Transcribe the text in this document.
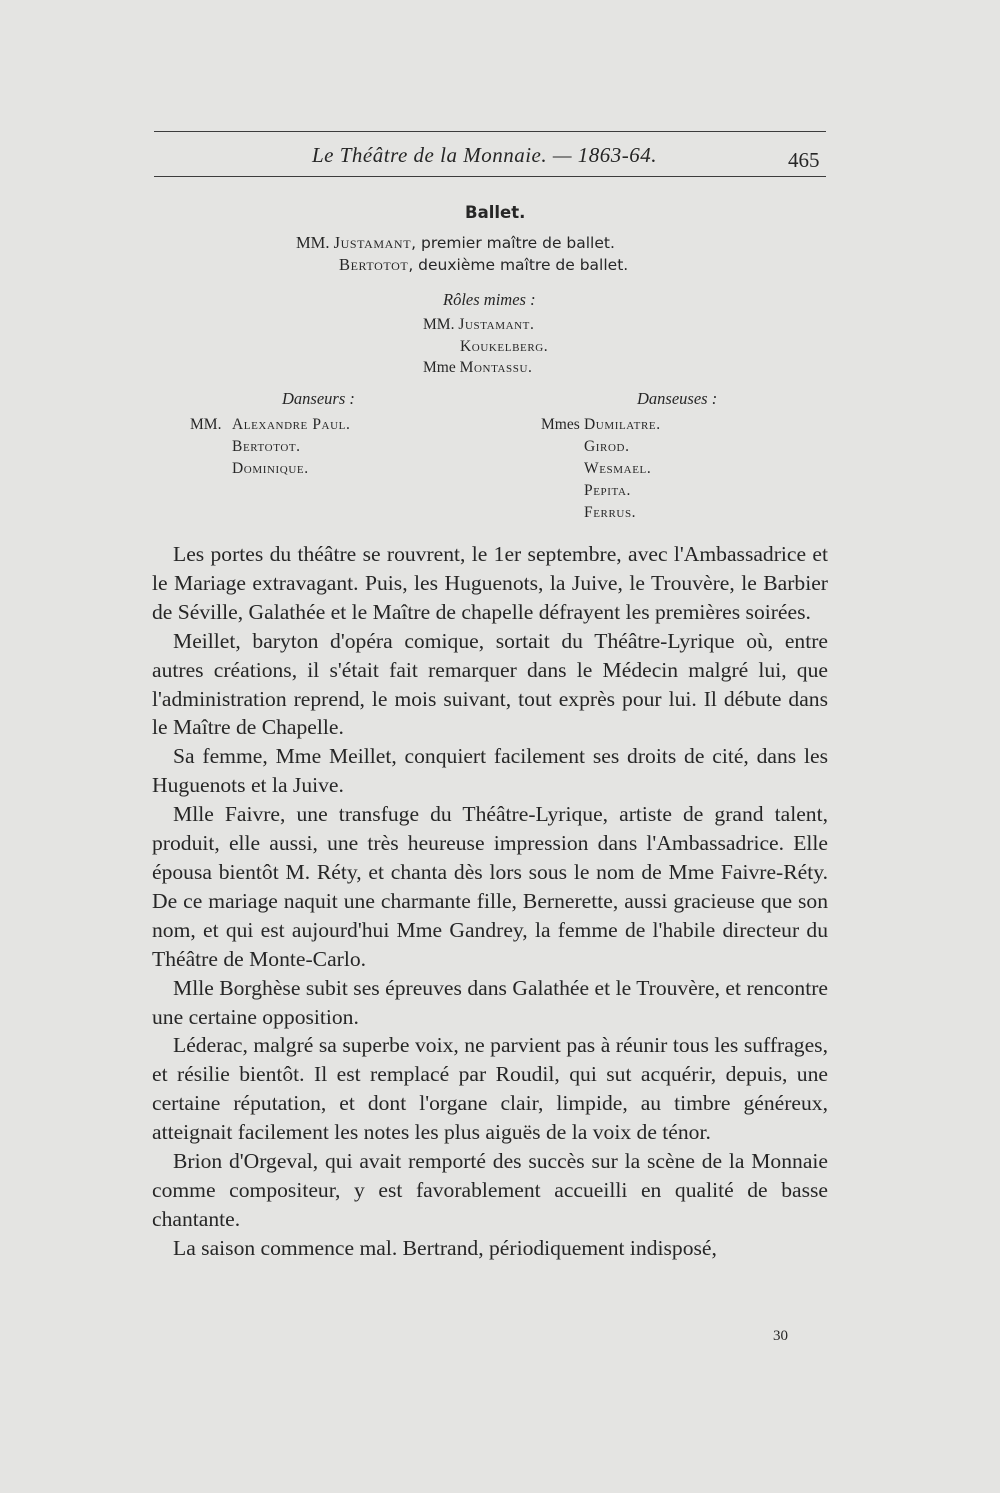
Le Théâtre de la Monnaie. — 1863-64.	465
Ballet.
MM. Justamant, premier maître de ballet.
Bertotot, deuxième maître de ballet.
Rôles mimes :
MM. Justamant.
Koukelberg.
Mme Montassu.
Danseurs :
MM. Alexandre Paul.
Bertotot.
Dominique.
Danseuses :
Mmes Dumilatre.
Girod.
Wesmael.
Pepita.
Ferrus.

Les portes du théâtre se rouvrent, le 1er septembre, avec l'Ambassadrice et le Mariage extravagant. Puis, les Huguenots, la Juive, le Trouvère, le Barbier de Séville, Galathée et le Maître de chapelle défrayent les premières soirées.

Meillet, baryton d'opéra comique, sortait du Théâtre-Lyrique où, entre autres créations, il s'était fait remarquer dans le Médecin malgré lui, que l'administration reprend, le mois suivant, tout exprès pour lui. Il débute dans le Maître de Chapelle.

Sa femme, Mme Meillet, conquiert facilement ses droits de cité, dans les Huguenots et la Juive.

Mlle Faivre, une transfuge du Théâtre-Lyrique, artiste de grand talent, produit, elle aussi, une très heureuse impression dans l'Ambassadrice. Elle épousa bientôt M. Réty, et chanta dès lors sous le nom de Mme Faivre-Réty. De ce mariage naquit une charmante fille, Bernerette, aussi gracieuse que son nom, et qui est aujourd'hui Mme Gandrey, la femme de l'habile directeur du Théâtre de Monte-Carlo.

Mlle Borghèse subit ses épreuves dans Galathée et le Trouvère, et rencontre une certaine opposition.

Léderac, malgré sa superbe voix, ne parvient pas à réunir tous les suffrages, et résilie bientôt. Il est remplacé par Roudil, qui sut acquérir, depuis, une certaine réputation, et dont l'organe clair, limpide, au timbre généreux, atteignait facilement les notes les plus aiguës de la voix de ténor.

Brion d'Orgeval, qui avait remporté des succès sur la scène de la Monnaie comme compositeur, y est favorablement accueilli en qualité de basse chantante.

La saison commence mal. Bertrand, périodiquement indisposé,

30
